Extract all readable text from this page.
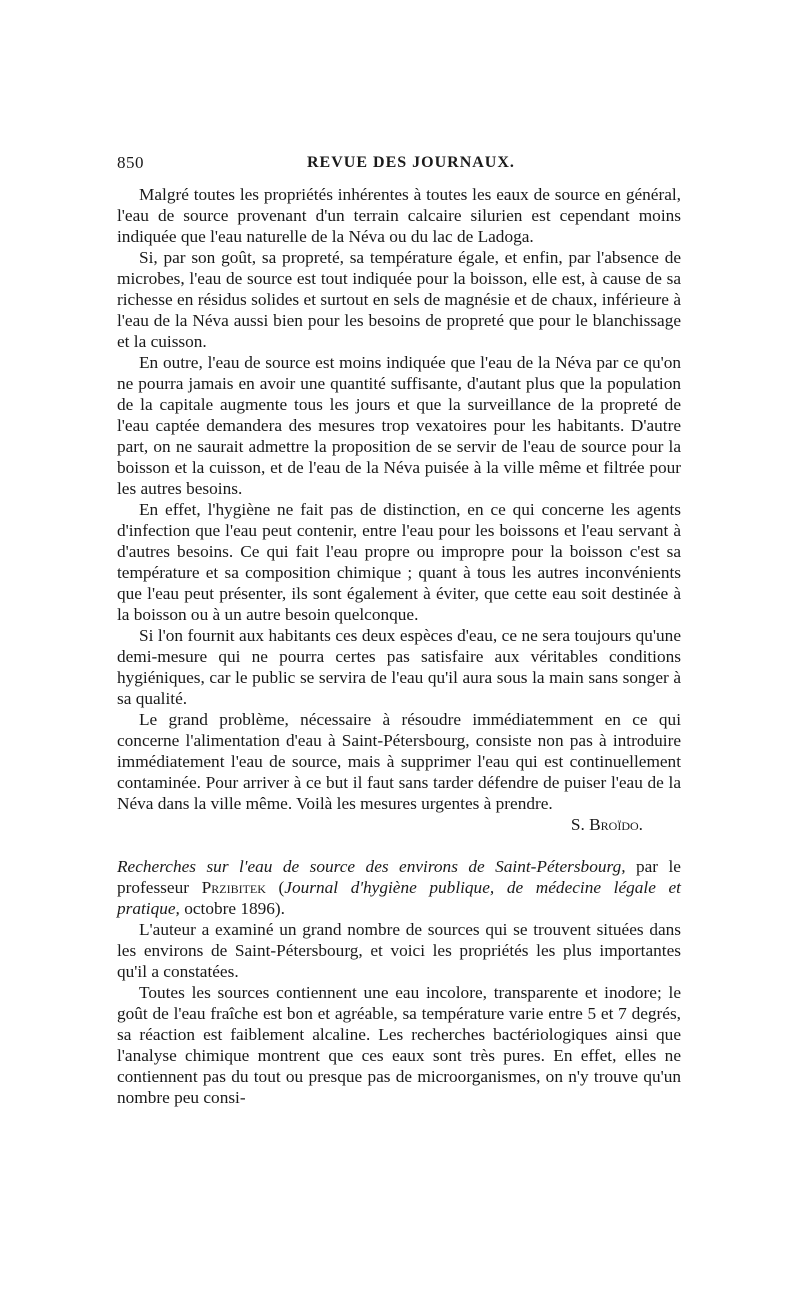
850	REVUE DES JOURNAUX.

Malgré toutes les propriétés inhérentes à toutes les eaux de source en général, l'eau de source provenant d'un terrain calcaire silurien est cependant moins indiquée que l'eau naturelle de la Néva ou du lac de Ladoga.

Si, par son goût, sa propreté, sa température égale, et enfin, par l'absence de microbes, l'eau de source est tout indiquée pour la boisson, elle est, à cause de sa richesse en résidus solides et surtout en sels de magnésie et de chaux, inférieure à l'eau de la Néva aussi bien pour les besoins de propreté que pour le blanchissage et la cuisson.

En outre, l'eau de source est moins indiquée que l'eau de la Néva par ce qu'on ne pourra jamais en avoir une quantité suffisante, d'autant plus que la population de la capitale augmente tous les jours et que la surveillance de la propreté de l'eau captée demandera des mesures trop vexatoires pour les habitants. D'autre part, on ne saurait admettre la proposition de se servir de l'eau de source pour la boisson et la cuisson, et de l'eau de la Néva puisée à la ville même et filtrée pour les autres besoins.

En effet, l'hygiène ne fait pas de distinction, en ce qui concerne les agents d'infection que l'eau peut contenir, entre l'eau pour les boissons et l'eau servant à d'autres besoins. Ce qui fait l'eau propre ou impropre pour la boisson c'est sa température et sa composition chimique ; quant à tous les autres inconvénients que l'eau peut présenter, ils sont également à éviter, que cette eau soit destinée à la boisson ou à un autre besoin quelconque.

Si l'on fournit aux habitants ces deux espèces d'eau, ce ne sera toujours qu'une demi-mesure qui ne pourra certes pas satisfaire aux véritables conditions hygiéniques, car le public se servira de l'eau qu'il aura sous la main sans songer à sa qualité.

Le grand problème, nécessaire à résoudre immédiatemment en ce qui concerne l'alimentation d'eau à Saint-Pétersbourg, consiste non pas à introduire immédiatement l'eau de source, mais à supprimer l'eau qui est continuellement contaminée. Pour arriver à ce but il faut sans tarder défendre de puiser l'eau de la Néva dans la ville même. Voilà les mesures urgentes à prendre.
S. Broïdo.

Recherches sur l'eau de source des environs de Saint-Pétersbourg, par le professeur Przibitek (Journal d'hygiène publique, de médecine légale et pratique, octobre 1896).

L'auteur a examiné un grand nombre de sources qui se trouvent situées dans les environs de Saint-Pétersbourg, et voici les propriétés les plus importantes qu'il a constatées.

Toutes les sources contiennent une eau incolore, transparente et inodore; le goût de l'eau fraîche est bon et agréable, sa température varie entre 5 et 7 degrés, sa réaction est faiblement alcaline. Les recherches bactériologiques ainsi que l'analyse chimique montrent que ces eaux sont très pures. En effet, elles ne contiennent pas du tout ou presque pas de microorganismes, on n'y trouve qu'un nombre peu consi-
